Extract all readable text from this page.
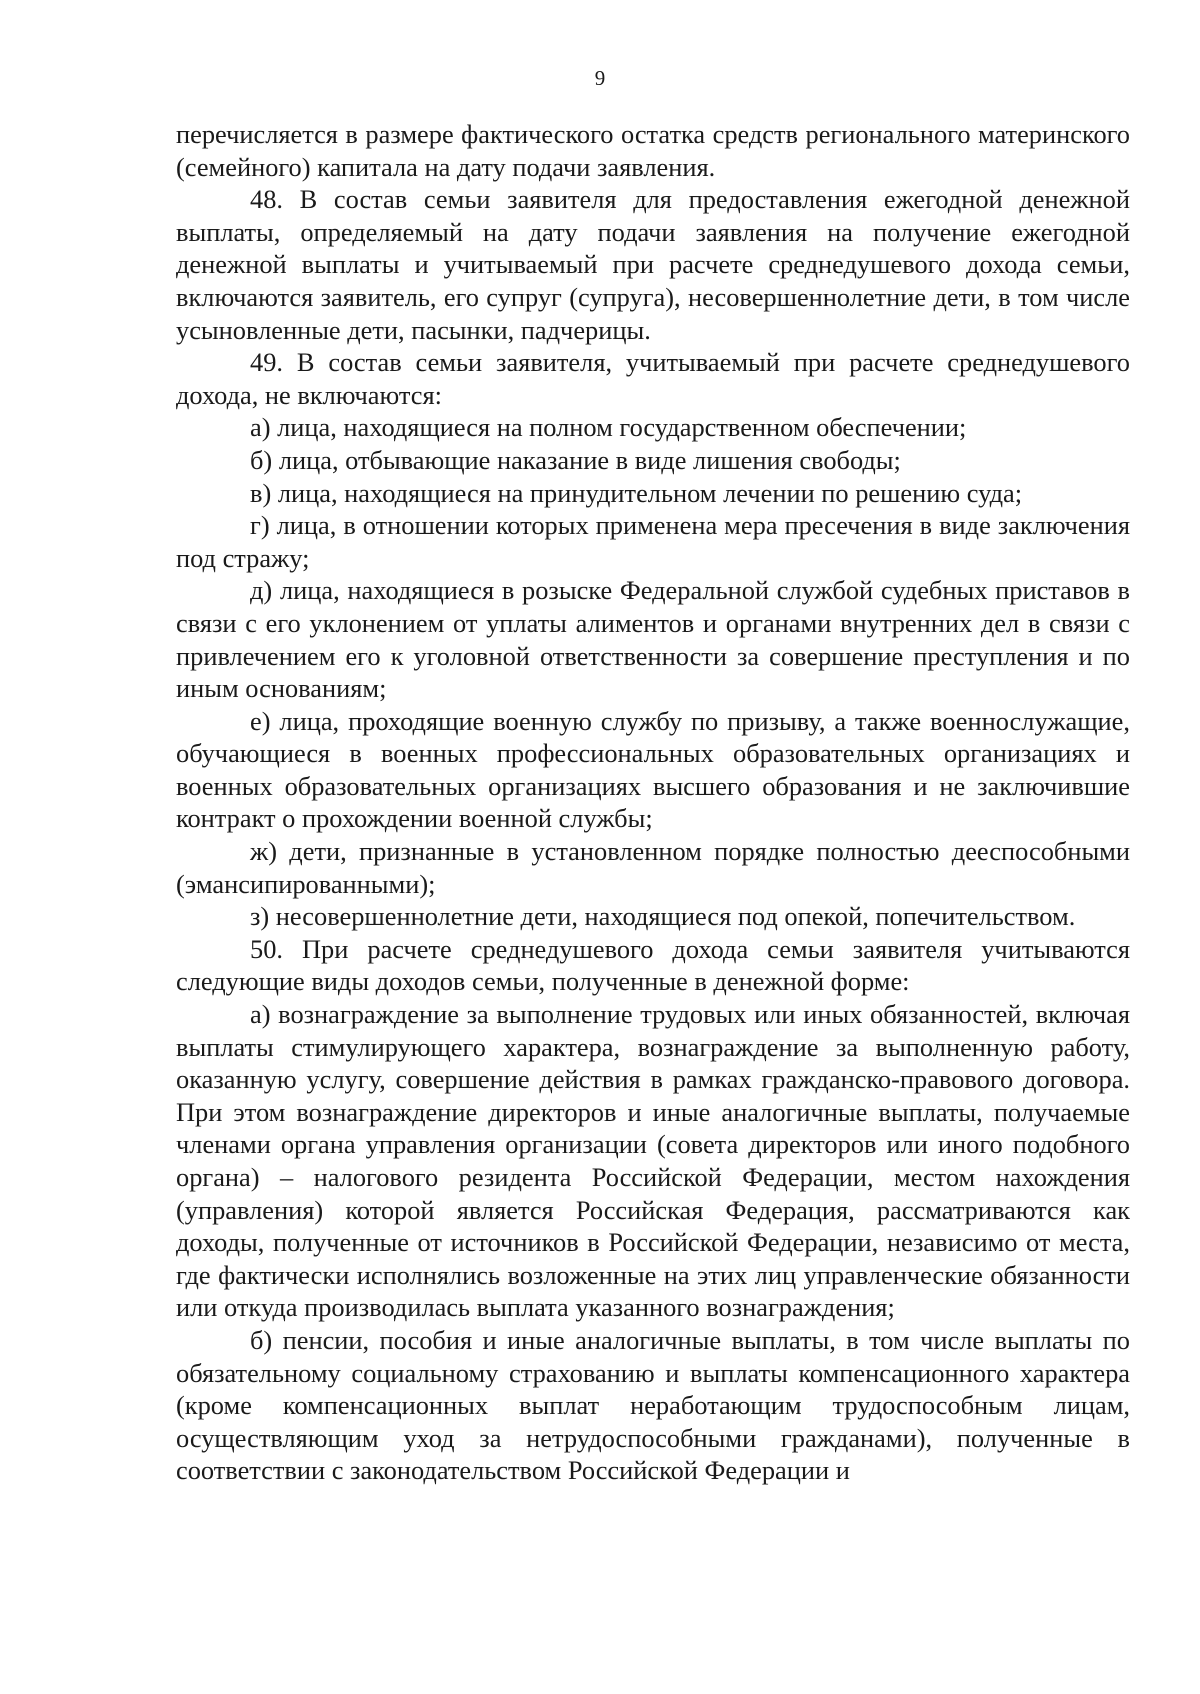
9

перечисляется в размере фактического остатка средств регионального материнского (семейного) капитала на дату подачи заявления.

48. В состав семьи заявителя для предоставления ежегодной денежной выплаты, определяемый на дату подачи заявления на получение ежегодной денежной выплаты и учитываемый при расчете среднедушевого дохода семьи, включаются заявитель, его супруг (супруга), несовершеннолетние дети, в том числе усыновленные дети, пасынки, падчерицы.

49. В состав семьи заявителя, учитываемый при расчете среднедушевого дохода, не включаются:

а) лица, находящиеся на полном государственном обеспечении;

б) лица, отбывающие наказание в виде лишения свободы;

в) лица, находящиеся на принудительном лечении по решению суда;

г) лица, в отношении которых применена мера пресечения в виде заключения под стражу;

д) лица, находящиеся в розыске Федеральной службой судебных приставов в связи с его уклонением от уплаты алиментов и органами внутренних дел в связи с привлечением его к уголовной ответственности за совершение преступления и по иным основаниям;

е) лица, проходящие военную службу по призыву, а также военнослужащие, обучающиеся в военных профессиональных образовательных организациях и военных образовательных организациях высшего образования и не заключившие контракт о прохождении военной службы;

ж) дети, признанные в установленном порядке полностью дееспособными (эмансипированными);

з) несовершеннолетние дети, находящиеся под опекой, попечительством.

50. При расчете среднедушевого дохода семьи заявителя учитываются следующие виды доходов семьи, полученные в денежной форме:

а) вознаграждение за выполнение трудовых или иных обязанностей, включая выплаты стимулирующего характера, вознаграждение за выполненную работу, оказанную услугу, совершение действия в рамках гражданско-правового договора. При этом вознаграждение директоров и иные аналогичные выплаты, получаемые членами органа управления организации (совета директоров или иного подобного органа) – налогового резидента Российской Федерации, местом нахождения (управления) которой является Российская Федерация, рассматриваются как доходы, полученные от источников в Российской Федерации, независимо от места, где фактически исполнялись возложенные на этих лиц управленческие обязанности или откуда производилась выплата указанного вознаграждения;

б) пенсии, пособия и иные аналогичные выплаты, в том числе выплаты по обязательному социальному страхованию и выплаты компенсационного характера (кроме компенсационных выплат неработающим трудоспособным лицам, осуществляющим уход за нетрудоспособными гражданами), полученные в соответствии с законодательством Российской Федерации и
